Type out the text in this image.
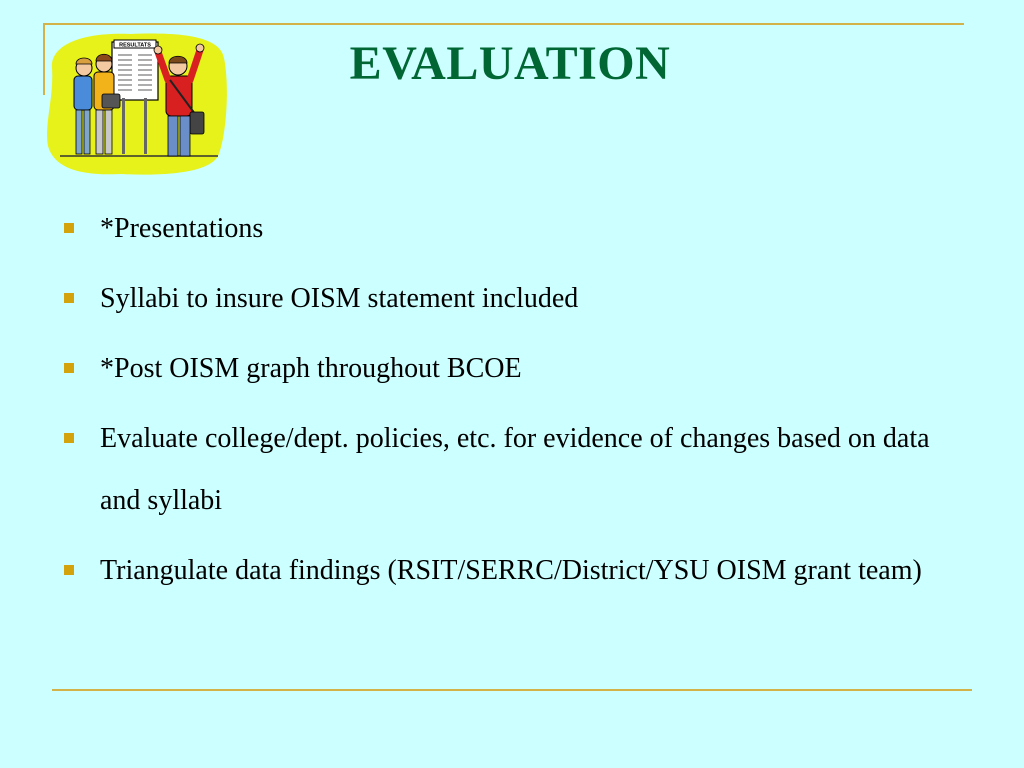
RESULTATS	EVALUATION
*Presentations
Syllabi to insure OISM statement included
*Post OISM graph throughout BCOE
Evaluate college/dept. policies, etc. for evidence of changes based on data and syllabi
Triangulate data findings (RSIT/SERRC/District/YSU OISM grant team)
